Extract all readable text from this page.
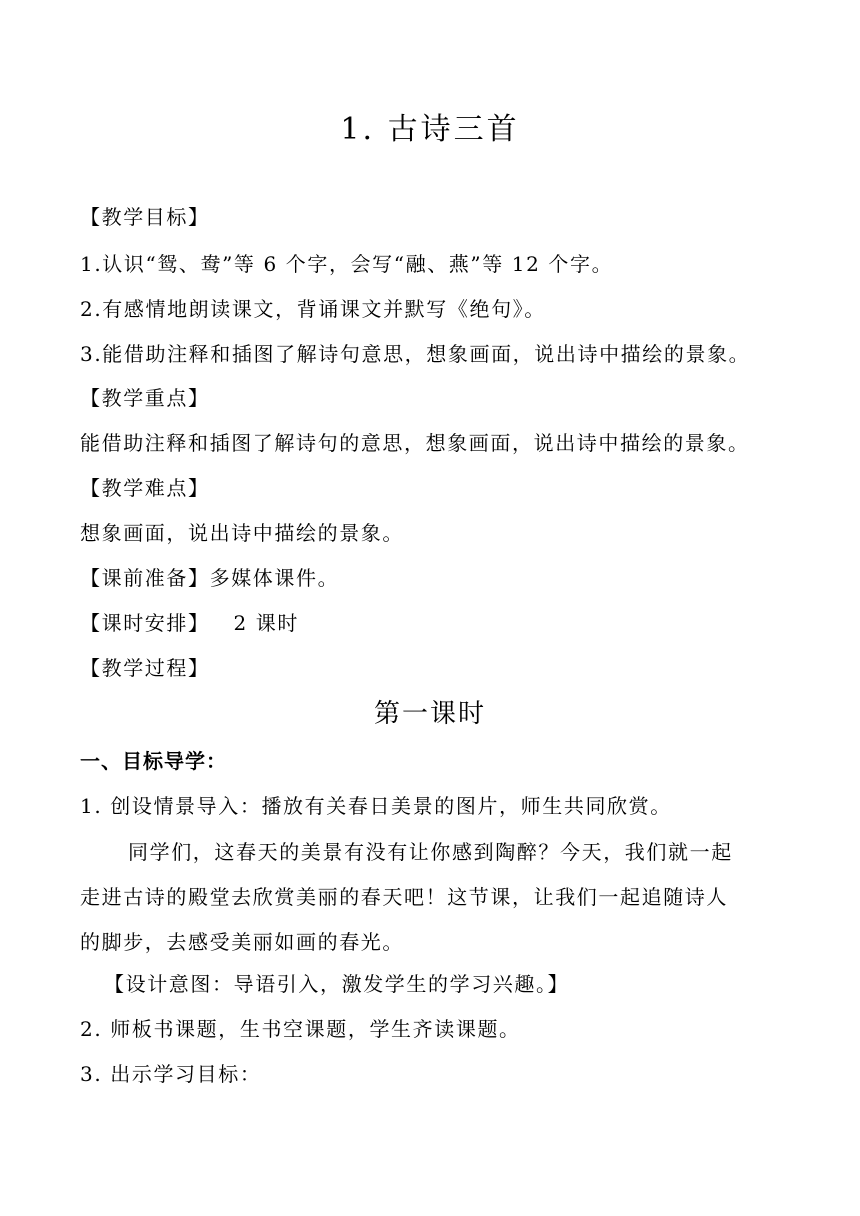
1. 古诗三首
【教学目标】
1.认识“鸳、鸯”等 6 个字，会写“融、燕”等 12 个字。
2.有感情地朗读课文，背诵课文并默写《绝句》。
3.能借助注释和插图了解诗句意思，想象画面，说出诗中描绘的景象。
【教学重点】
能借助注释和插图了解诗句的意思，想象画面，说出诗中描绘的景象。
【教学难点】
想象画面，说出诗中描绘的景象。
【课前准备】多媒体课件。
【课时安排】   2 课时
【教学过程】
第一课时
一、目标导学：
1. 创设情景导入：播放有关春日美景的图片，师生共同欣赏。
同学们，这春天的美景有没有让你感到陶醉？今天，我们就一起
走进古诗的殿堂去欣赏美丽的春天吧！这节课，让我们一起追随诗人
的脚步，去感受美丽如画的春光。
【设计意图：导语引入，激发学生的学习兴趣。】
2. 师板书课题，生书空课题，学生齐读课题。
3. 出示学习目标：
